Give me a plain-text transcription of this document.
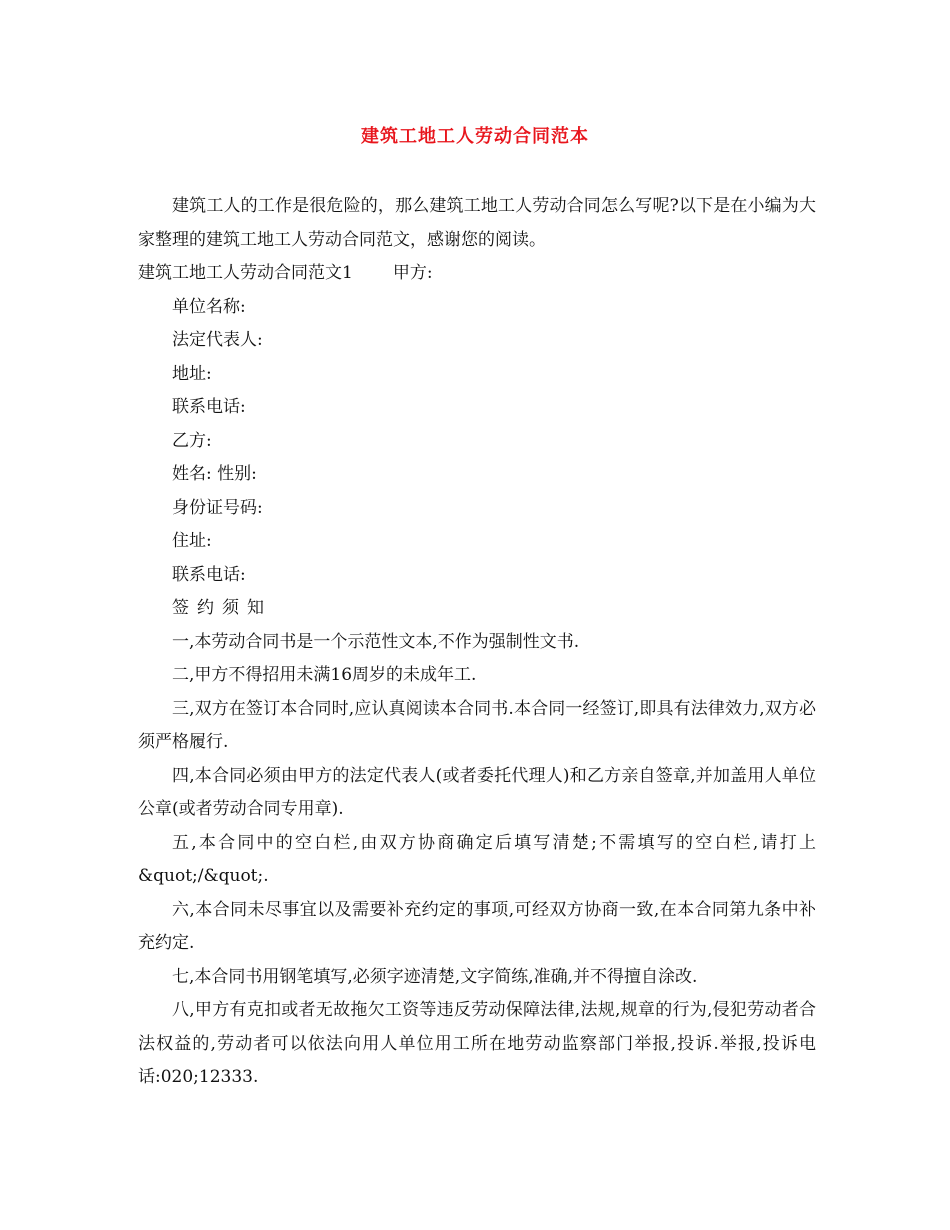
建筑工地工人劳动合同范本

建筑工人的工作是很危险的，那么建筑工地工人劳动合同怎么写呢?以下是在小编为大家整理的建筑工地工人劳动合同范文，感谢您的阅读。

建筑工地工人劳动合同范文1 甲方:

单位名称:

法定代表人:

地址:

联系电话:

乙方:

姓名: 性别:

身份证号码:

住址:

联系电话:

签约须知

一,本劳动合同书是一个示范性文本,不作为强制性文书.

二,甲方不得招用未满16周岁的未成年工.

三,双方在签订本合同时,应认真阅读本合同书.本合同一经签订,即具有法律效力,双方必须严格履行.

四,本合同必须由甲方的法定代表人(或者委托代理人)和乙方亲自签章,并加盖用人单位公章(或者劳动合同专用章).

五,本合同中的空白栏,由双方协商确定后填写清楚;不需填写的空白栏,请打上&quot;/&quot;.

六,本合同未尽事宜以及需要补充约定的事项,可经双方协商一致,在本合同第九条中补充约定.

七,本合同书用钢笔填写,必须字迹清楚,文字简练,准确,并不得擅自涂改.

八,甲方有克扣或者无故拖欠工资等违反劳动保障法律,法规,规章的行为,侵犯劳动者合法权益的,劳动者可以依法向用人单位用工所在地劳动监察部门举报,投诉.举报,投诉电话:020;12333.
